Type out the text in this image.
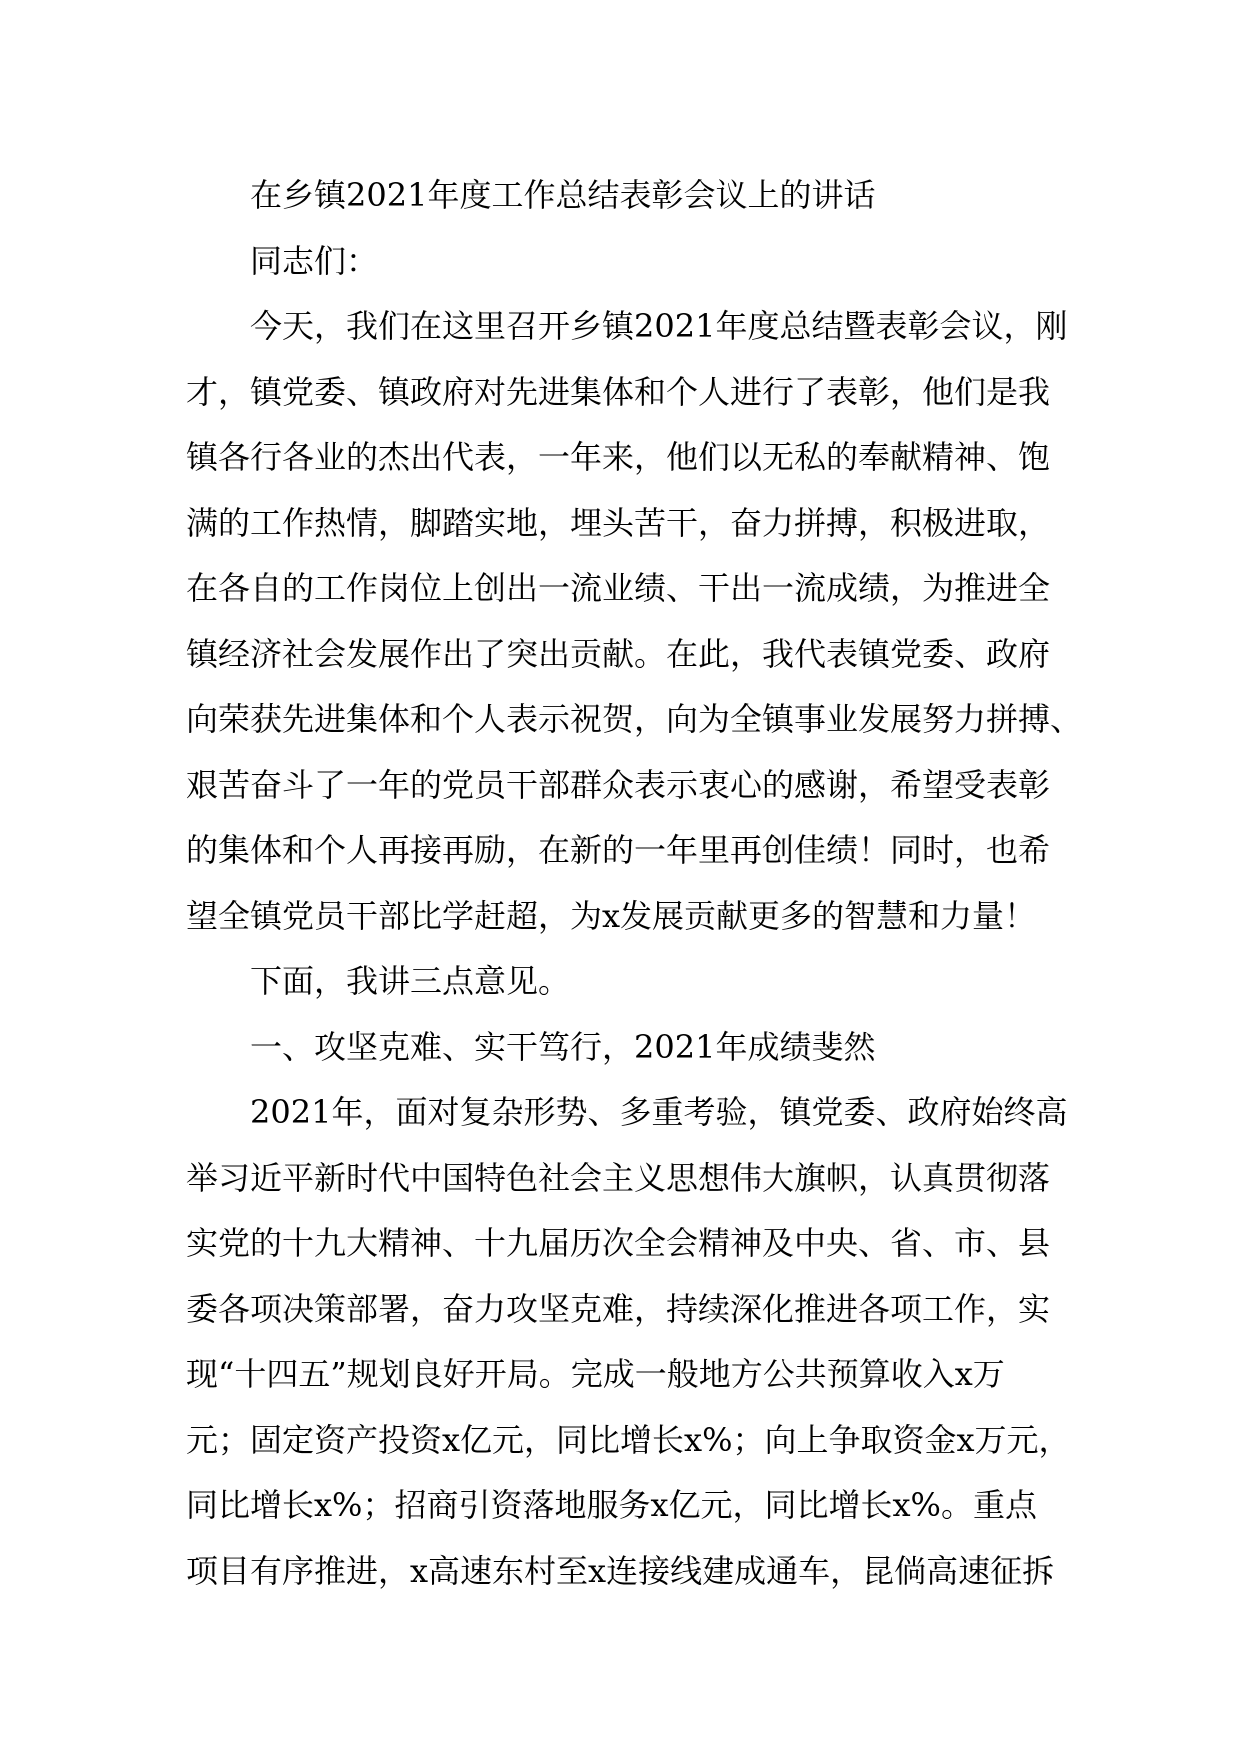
在乡镇2021年度工作总结表彰会议上的讲话
同志们：
今天，我们在这里召开乡镇2021年度总结暨表彰会议，刚
才，镇党委、镇政府对先进集体和个人进行了表彰，他们是我
镇各行各业的杰出代表，一年来，他们以无私的奉献精神、饱
满的工作热情，脚踏实地，埋头苦干，奋力拼搏，积极进取，
在各自的工作岗位上创出一流业绩、干出一流成绩，为推进全
镇经济社会发展作出了突出贡献。在此，我代表镇党委、政府
向荣获先进集体和个人表示祝贺，向为全镇事业发展努力拼搏、
艰苦奋斗了一年的党员干部群众表示衷心的感谢，希望受表彰
的集体和个人再接再励，在新的一年里再创佳绩！同时，也希
望全镇党员干部比学赶超，为x发展贡献更多的智慧和力量！
下面，我讲三点意见。
一、攻坚克难、实干笃行，2021年成绩斐然
2021年，面对复杂形势、多重考验，镇党委、政府始终高
举习近平新时代中国特色社会主义思想伟大旗帜，认真贯彻落
实党的十九大精神、十九届历次全会精神及中央、省、市、县
委各项决策部署，奋力攻坚克难，持续深化推进各项工作，实
现“十四五”规划良好开局。完成一般地方公共预算收入x万
元；固定资产投资x亿元，同比增长x%；向上争取资金x万元，
同比增长x%；招商引资落地服务x亿元，同比增长x%。重点
项目有序推进，x高速东村至x连接线建成通车，昆倘高速征拆
